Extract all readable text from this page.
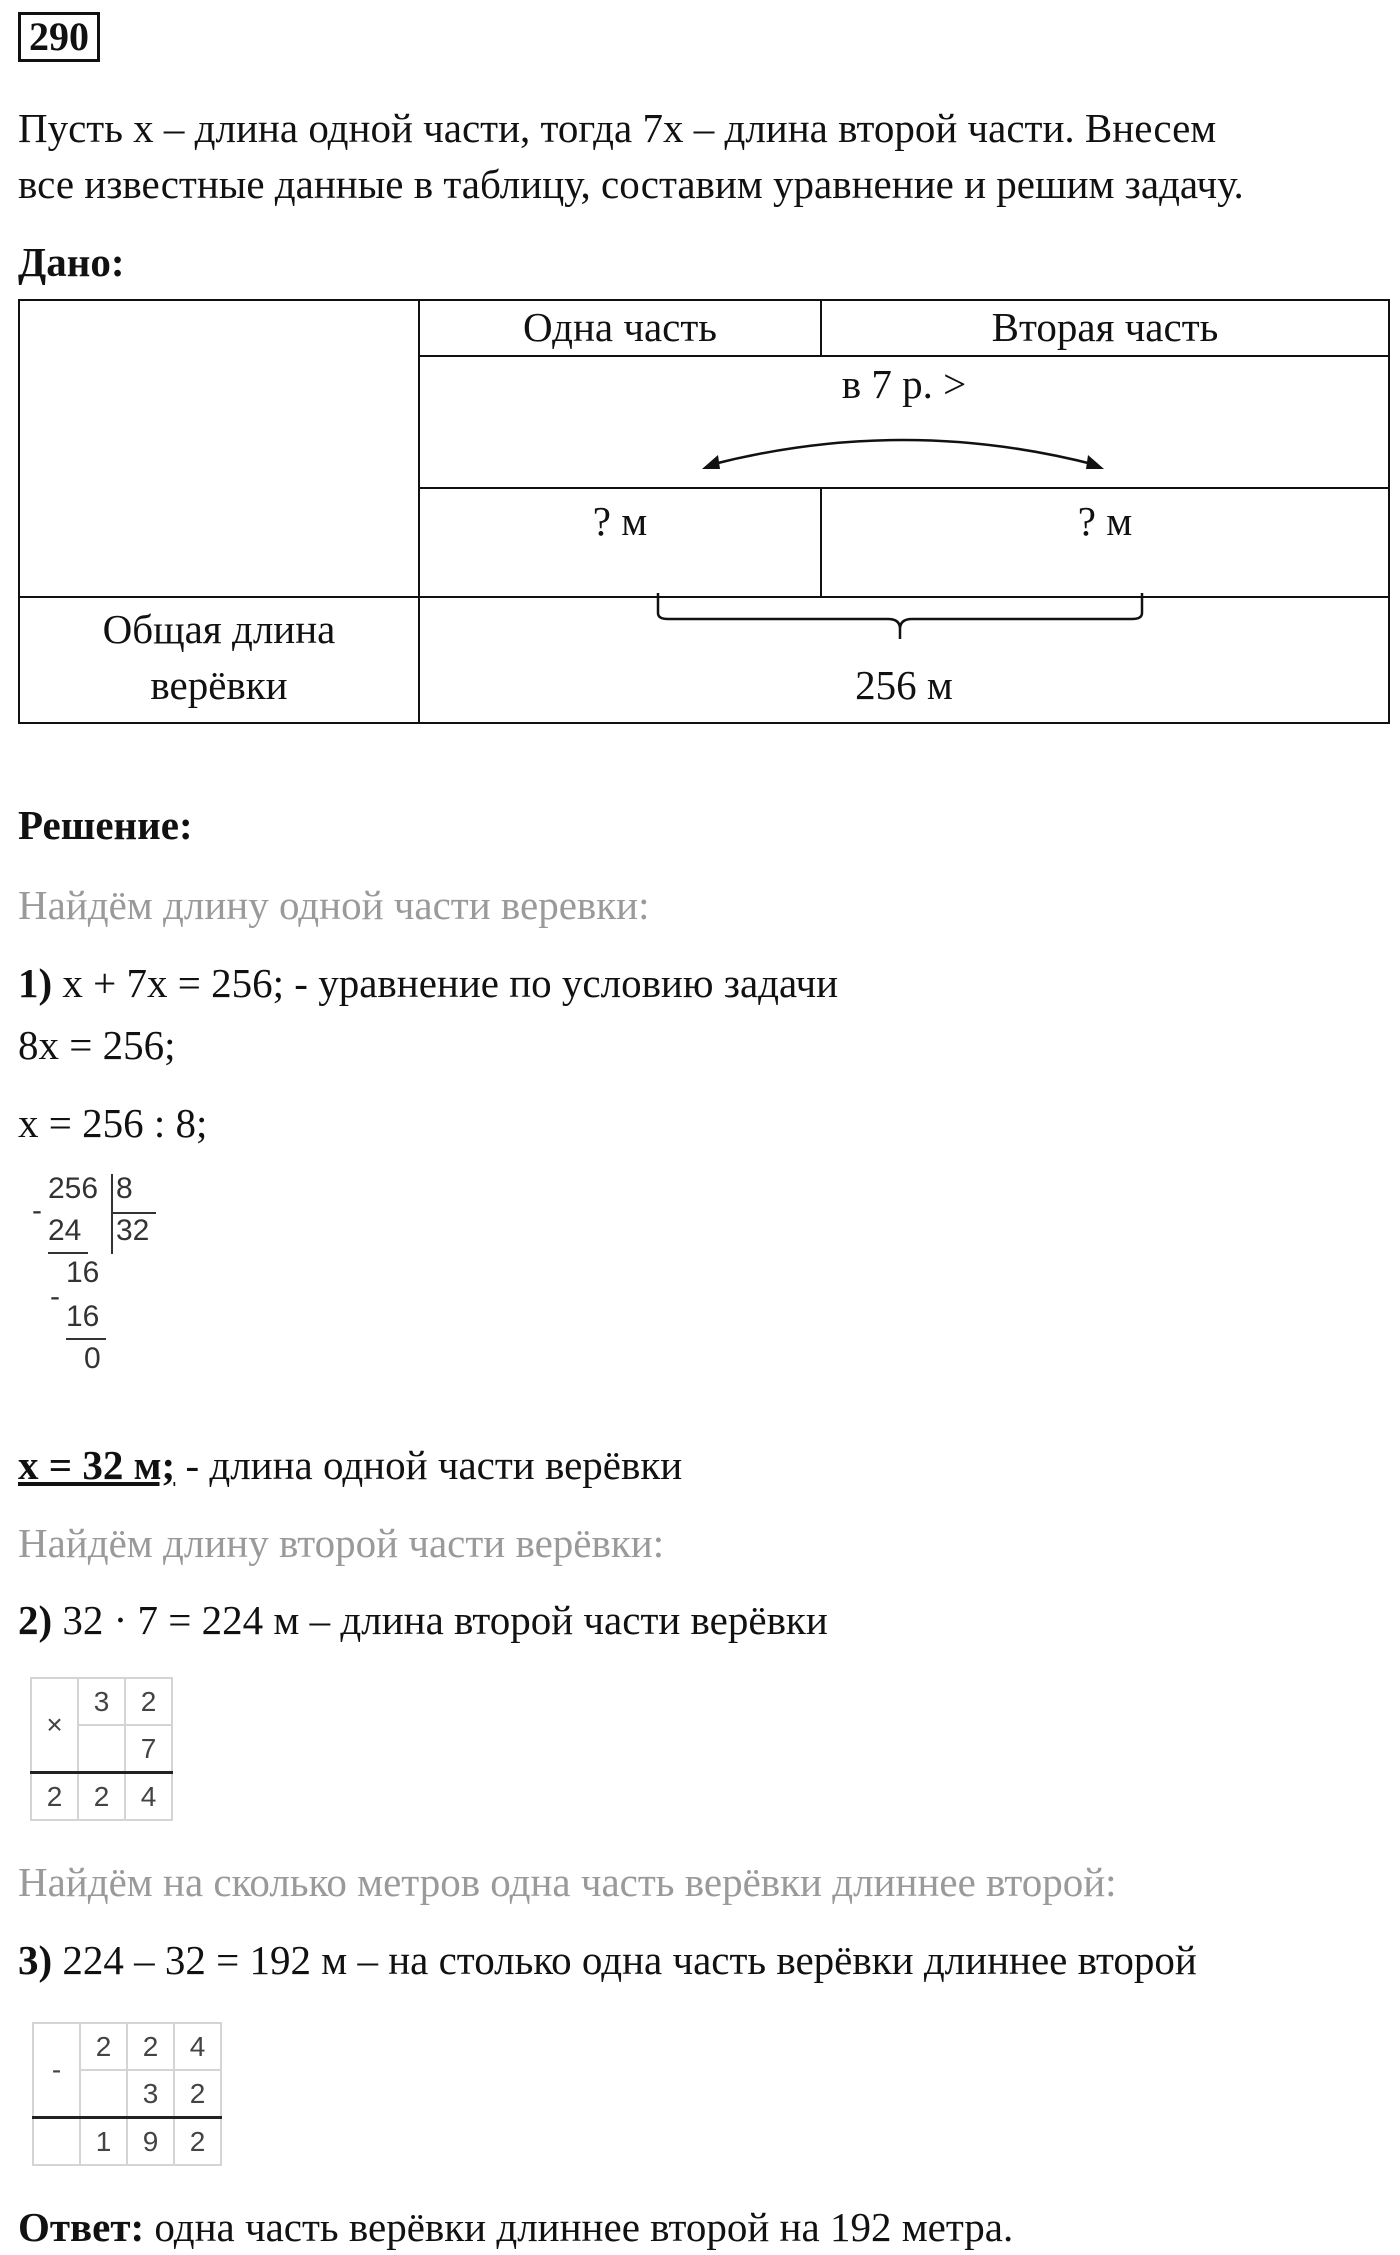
290
Пусть x – длина одной части, тогда 7x – длина второй части. Внесем
все известные данные в таблицу, составим уравнение и решим задачу.
Дано:
Одна часть	Вторая часть
в 7 р. >
? м	? м
Общая длина
верёвки	256 м
Решение:
Найдём длину одной части веревки:
1) x + 7x = 256; - уравнение по условию задачи
8x = 256;
x = 256 : 8;
256 8
32
-
24
16
-
16
0
x = 32 м; - длина одной части верёвки
Найдём длину второй части верёвки:
2) 32 · 7 = 224 м – длина второй части верёвки
×	3	2
		7
2	2	4
Найдём на сколько метров одна часть верёвки длиннее второй:
3) 224 – 32 = 192 м – на столько одна часть верёвки длиннее второй
-	2	2	4
		3	2
	1	9	2
Ответ: одна часть верёвки длиннее второй на 192 метра.
